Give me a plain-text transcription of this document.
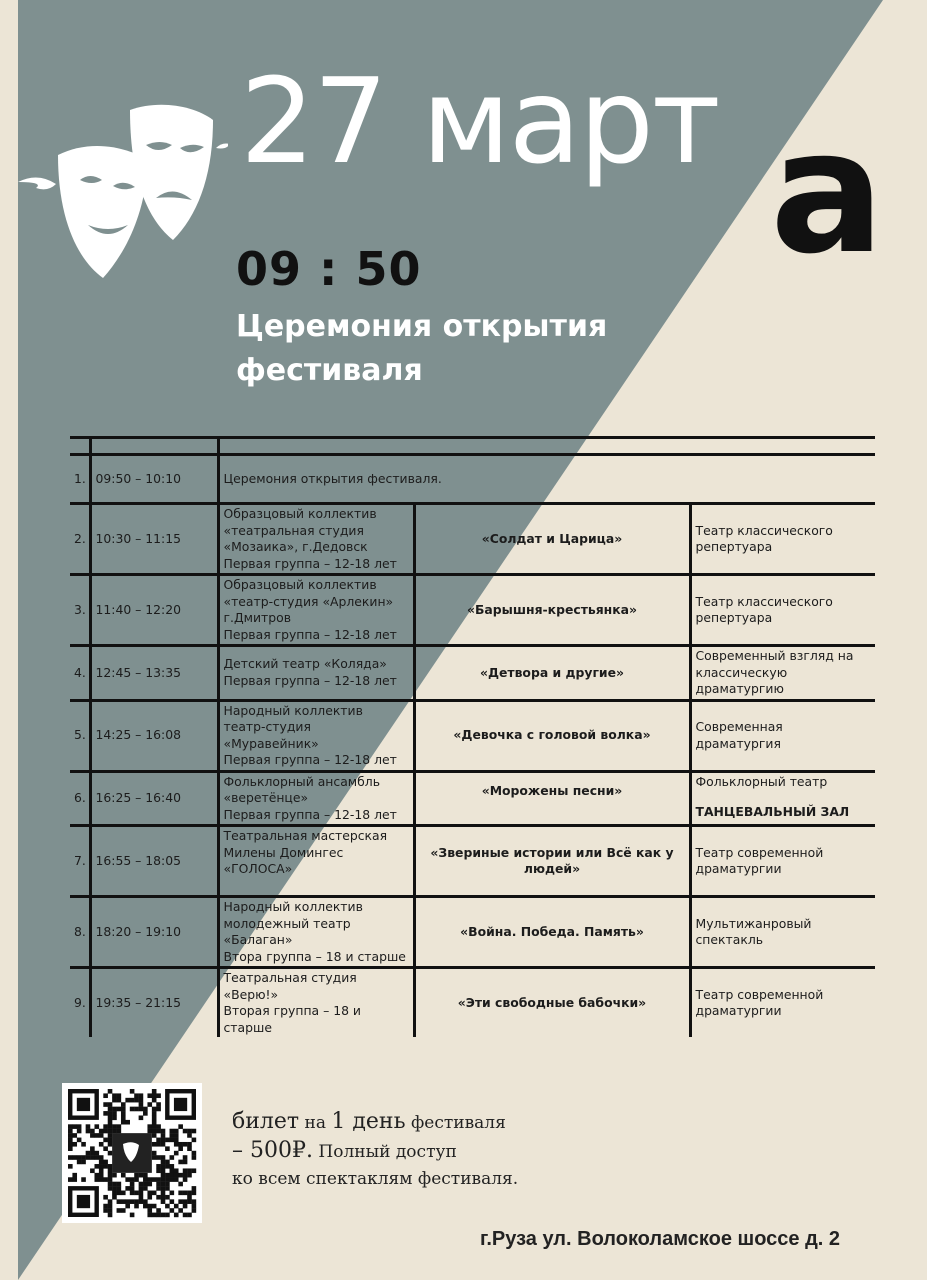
27 март а
09 : 50
Церемония открытия фестиваля

1.	09:50 – 10:10	Церемония открытия фестиваля.		
2.	10:30 – 11:15	Образцовый коллектив
«театральная студия
«Мозаика», г.Дедовск
Первая группа – 12-18 лет	«Солдат и Царица»	Театр классического репертуара
3.	11:40 – 12:20	Образцовый коллектив
«театр-студия «Арлекин»
г.Дмитров
Первая группа – 12-18 лет	«Барышня-крестьянка»	Театр классического репертуара
4.	12:45 – 13:35	Детский театр «Коляда»
Первая группа – 12-18 лет	«Детвора и другие»	Современный взгляд на классическую драматургию
5.	14:25 – 16:08	Народный коллектив театр-студия «Муравейник»
Первая группа – 12-18 лет	«Девочка с головой волка»	Современная драматургия
6.	16:25 – 16:40	Фольклорный ансамбль
«веретёнце»
Первая группа – 12-18 лет	«Морожены песни»	Фольклорный театр
ТАНЦЕВАЛЬНЫЙ ЗАЛ

7.	16:55 – 18:05	Театральная мастерская
Милены Домингес
«ГОЛОСА»	«Звериные истории или Всё как у людей»	Театр современной драматургии
8.	18:20 – 19:10	Народный коллектив
молодежный театр
«Балаган»
Втора группа – 18 и старше	«Война. Победа. Память»	Мультижанровый спектакль
9.	19:35 – 21:15	Театральная студия «Верю!»
Вторая группа – 18 и старше	«Эти свободные бабочки»	Театр современной драматургии
билет на 1 день фестиваля
– 500₽. Полный доступ
ко всем спектаклям фестиваля.
г.Руза ул. Волоколамское шоссе д. 2
